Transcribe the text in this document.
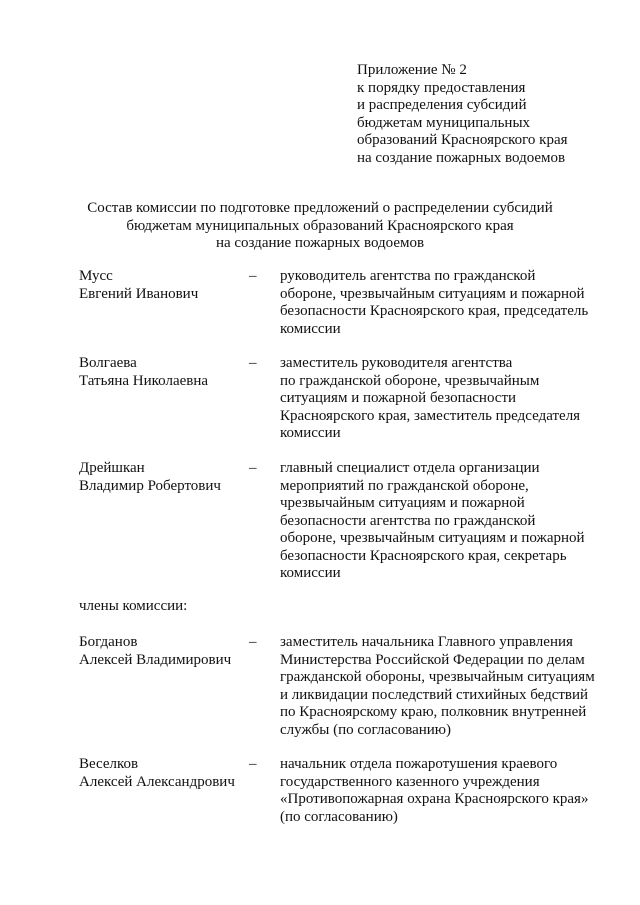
Приложение № 2
к порядку предоставления
и распределения субсидий
бюджетам муниципальных
образований Красноярского края
на создание пожарных водоемов
Состав комиссии по подготовке предложений о распределении субсидий
бюджетам муниципальных образований Красноярского края
на создание пожарных водоемов
Мусс
Евгений Иванович
– руководитель агентства по гражданской
обороне, чрезвычайным ситуациям и пожарной
безопасности Красноярского края, председатель
комиссии
Волгаева
Татьяна Николаевна
– заместитель руководителя агентства
по гражданской обороне, чрезвычайным
ситуациям и пожарной безопасности
Красноярского края, заместитель председателя
комиссии
Дрейшкан
Владимир Робертович
– главный специалист отдела организации
мероприятий по гражданской обороне,
чрезвычайным ситуациям и пожарной
безопасности агентства по гражданской
обороне, чрезвычайным ситуациям и пожарной
безопасности Красноярского края, секретарь
комиссии
члены комиссии:
Богданов
Алексей Владимирович
– заместитель начальника Главного управления
Министерства Российской Федерации по делам
гражданской обороны, чрезвычайным ситуациям
и ликвидации последствий стихийных бедствий
по Красноярскому краю, полковник внутренней
службы (по согласованию)
Веселков
Алексей Александрович
– начальник отдела пожаротушения краевого
государственного казенного учреждения
«Противопожарная охрана Красноярского края»
(по согласованию)
